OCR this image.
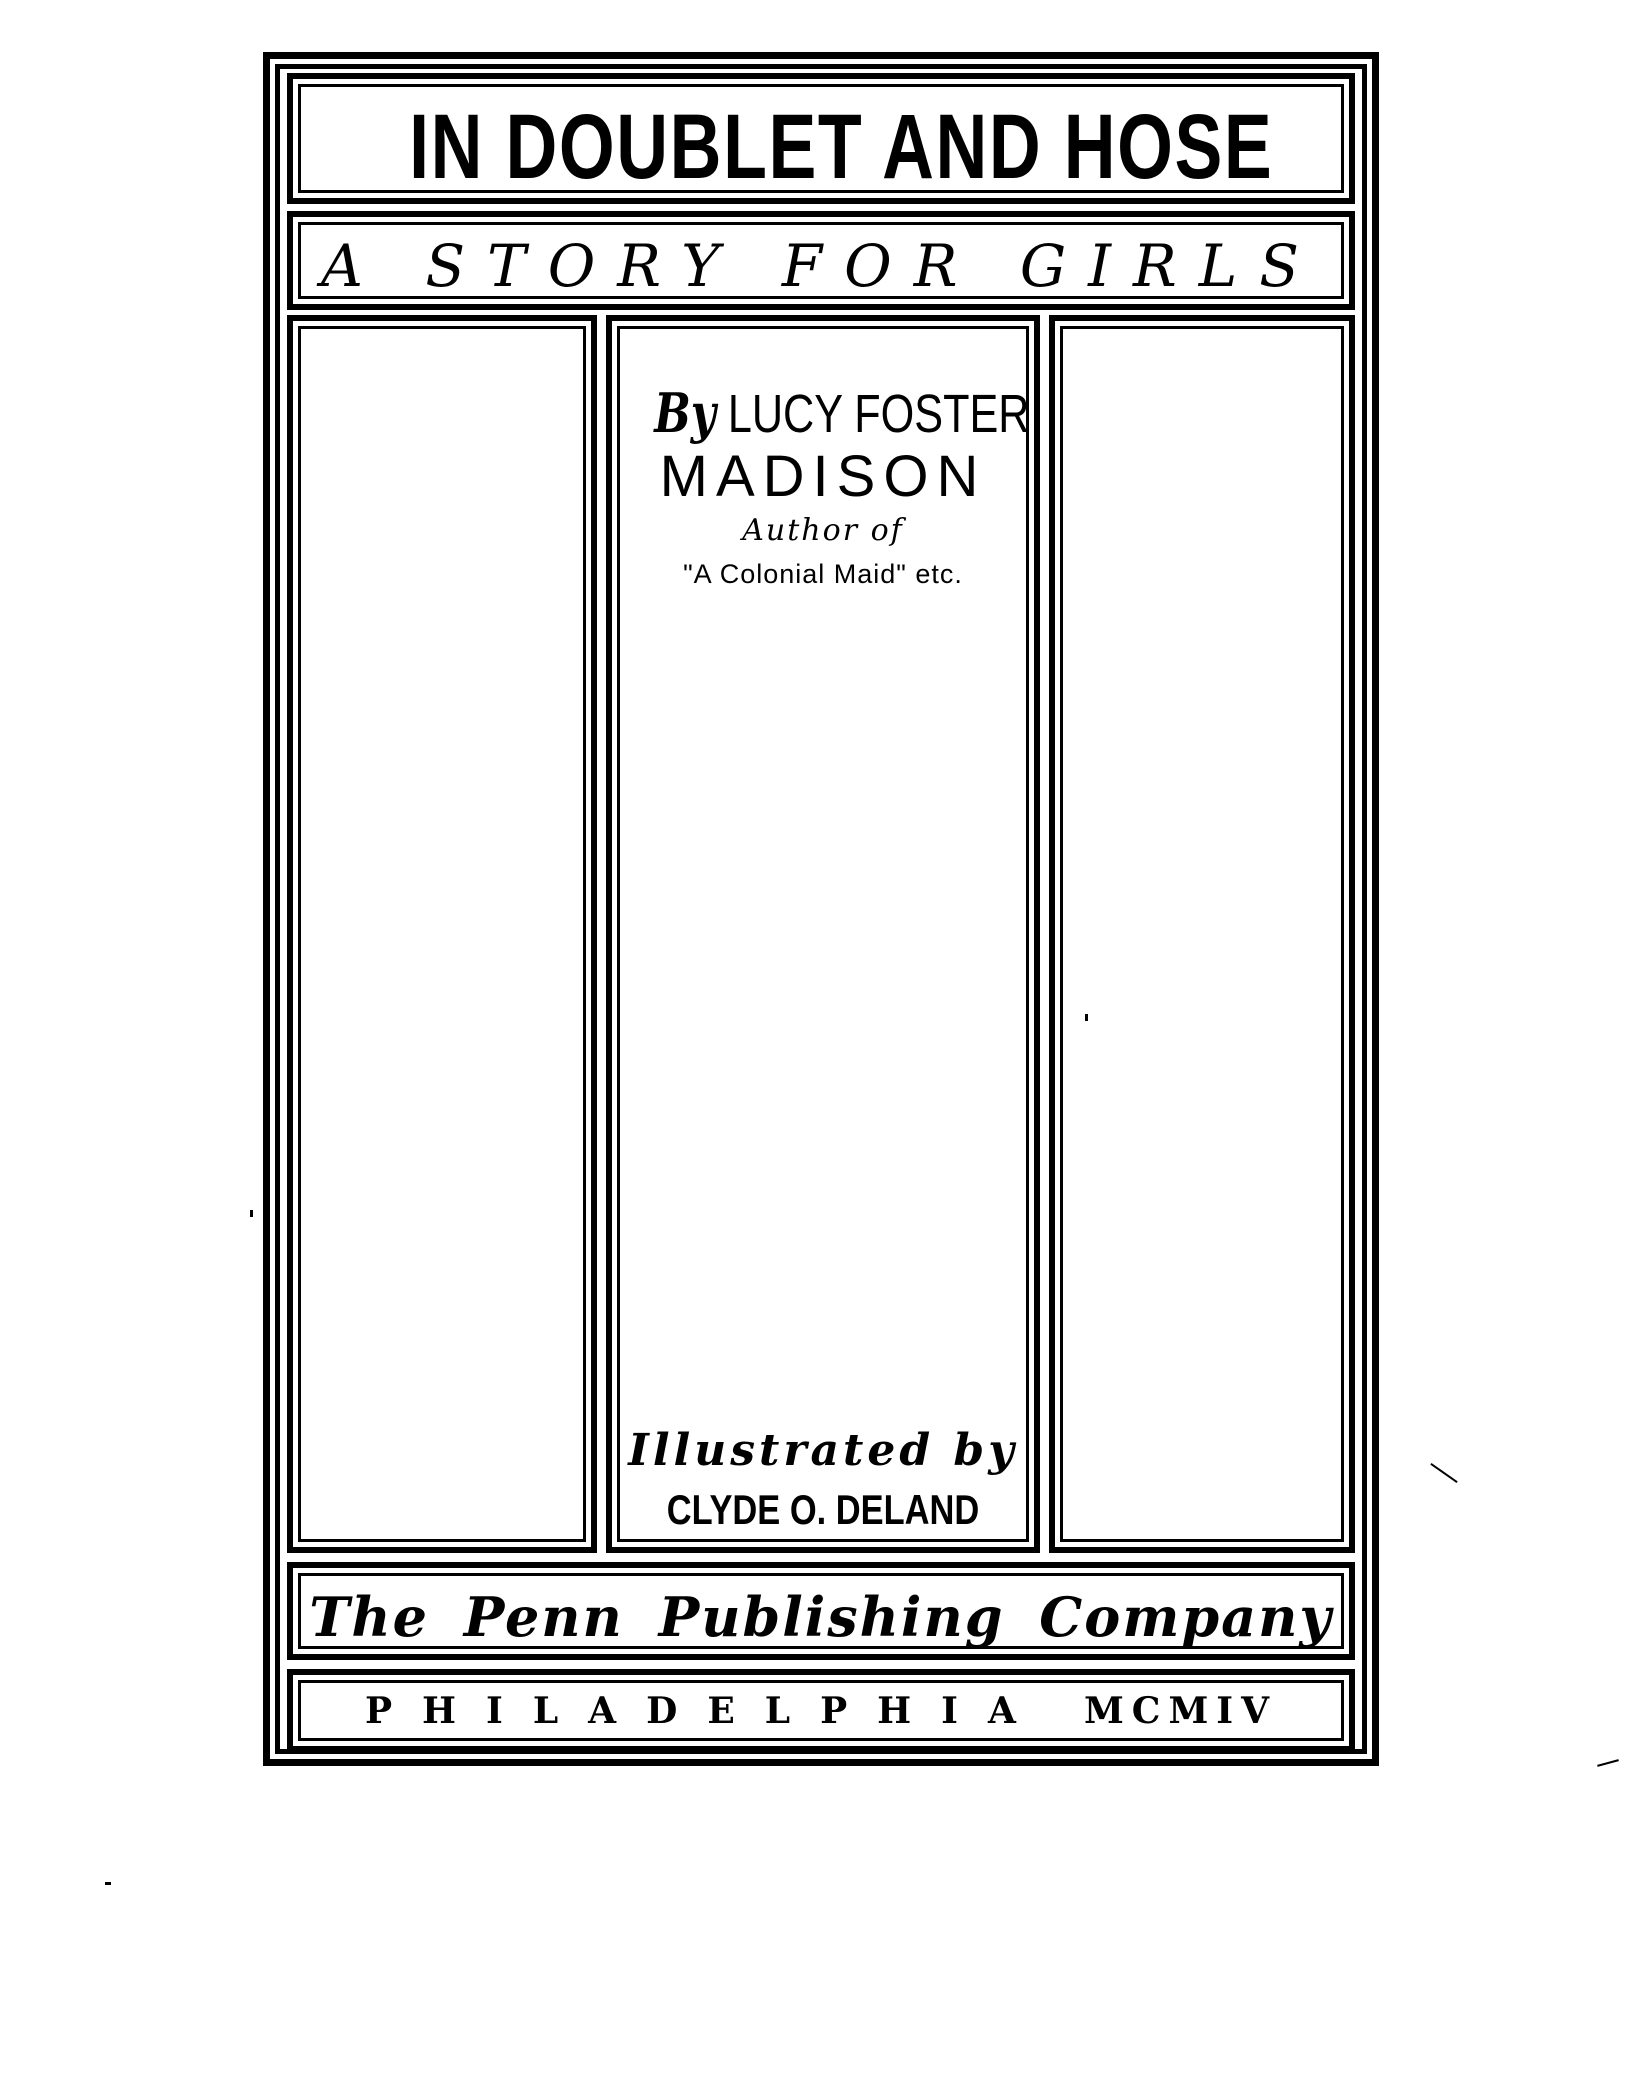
IN DOUBLET AND HOSE
A STORY FOR GIRLS
By LUCY FOSTER
MADISON
Author of
"A Colonial Maid" etc.
Illustrated by
CLYDE O. DELAND
The Penn Publishing Company
PHILADELPHIA MCMIV
